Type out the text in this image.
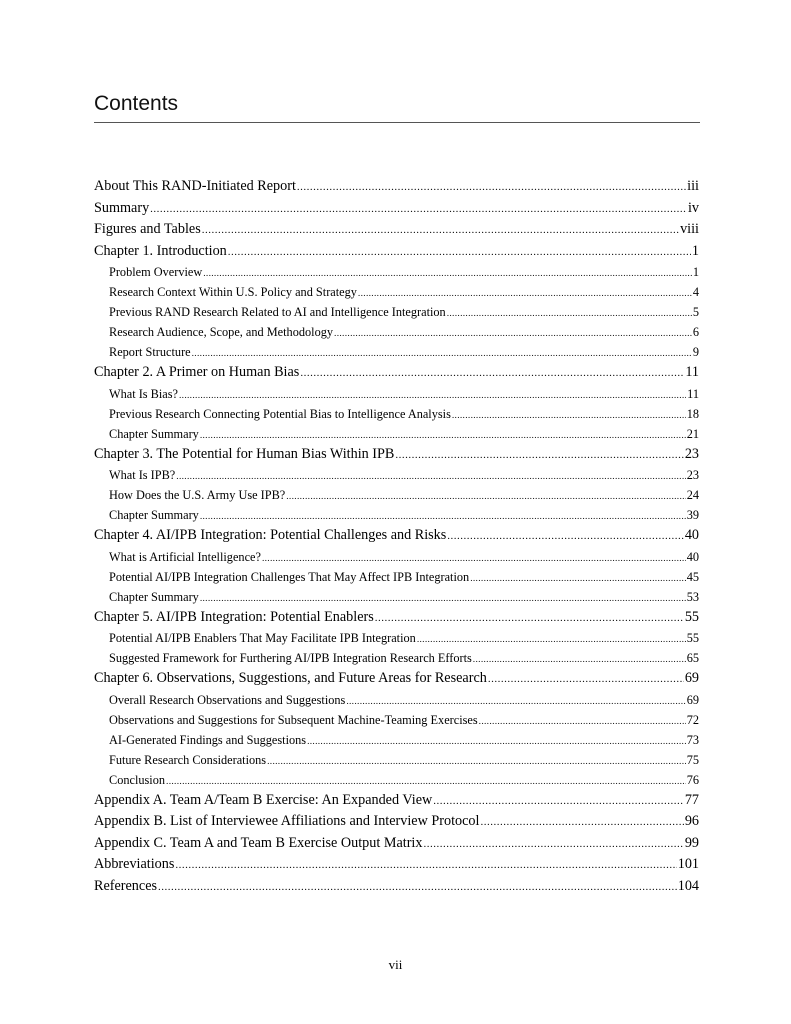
Contents
About This RAND-Initiated Report .....	iii
Summary .....	iv
Figures and Tables .....	viii
Chapter 1. Introduction .....	1
Problem Overview .....	1
Research Context Within U.S. Policy and Strategy .....	4
Previous RAND Research Related to AI and Intelligence Integration .....	5
Research Audience, Scope, and Methodology .....	6
Report Structure .....	9
Chapter 2. A Primer on Human Bias .....	11
What Is Bias? .....	11
Previous Research Connecting Potential Bias to Intelligence Analysis .....	18
Chapter Summary .....	21
Chapter 3. The Potential for Human Bias Within IPB .....	23
What Is IPB? .....	23
How Does the U.S. Army Use IPB? .....	24
Chapter Summary .....	39
Chapter 4. AI/IPB Integration: Potential Challenges and Risks .....	40
What is Artificial Intelligence? .....	40
Potential AI/IPB Integration Challenges That May Affect IPB Integration .....	45
Chapter Summary .....	53
Chapter 5. AI/IPB Integration: Potential Enablers .....	55
Potential AI/IPB Enablers That May Facilitate IPB Integration .....	55
Suggested Framework for Furthering AI/IPB Integration Research Efforts .....	65
Chapter 6. Observations, Suggestions, and Future Areas for Research .....	69
Overall Research Observations and Suggestions .....	69
Observations and Suggestions for Subsequent Machine-Teaming Exercises .....	72
AI-Generated Findings and Suggestions .....	73
Future Research Considerations .....	75
Conclusion .....	76
Appendix A. Team A/Team B Exercise: An Expanded View .....	77
Appendix B. List of Interviewee Affiliations and Interview Protocol .....	96
Appendix C. Team A and Team B Exercise Output Matrix .....	99
Abbreviations .....	101
References .....	104
vii
